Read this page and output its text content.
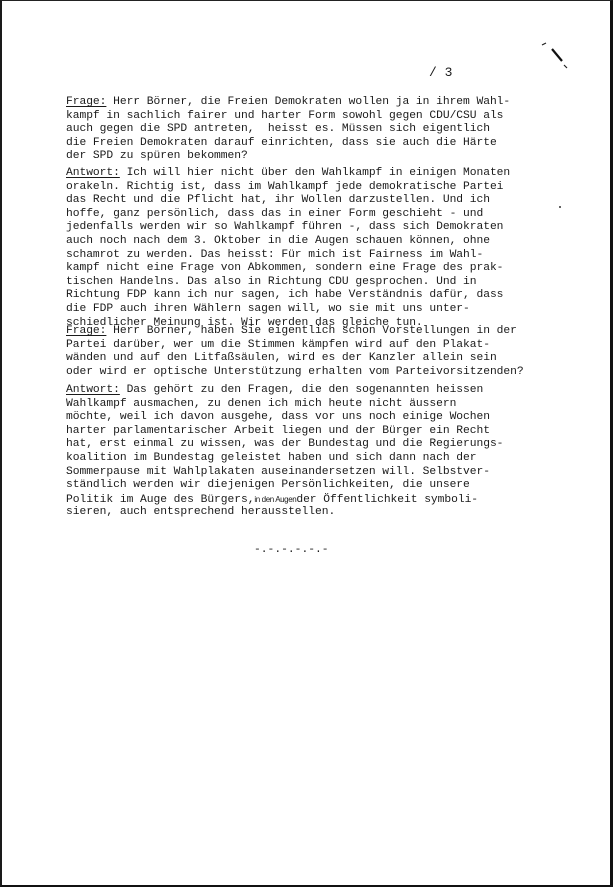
/ 3
Frage: Herr Börner, die Freien Demokraten wollen ja in ihrem Wahl-
kampf in sachlich fairer und harter Form sowohl gegen CDU/CSU als
auch gegen die SPD antreten,  heisst es. Müssen sich eigentlich
die Freien Demokraten darauf einrichten, dass sie auch die Härte
der SPD zu spüren bekommen?
Antwort: Ich will hier nicht über den Wahlkampf in einigen Monaten
orakeln. Richtig ist, dass im Wahlkampf jede demokratische Partei
das Recht und die Pflicht hat, ihr Wollen darzustellen. Und ich
hoffe, ganz persönlich, dass das in einer Form geschieht - und
jedenfalls werden wir so Wahlkampf führen -, dass sich Demokraten
auch noch nach dem 3. Oktober in die Augen schauen können, ohne
schamrot zu werden. Das heisst: Für mich ist Fairness im Wahl-
kampf nicht eine Frage von Abkommen, sondern eine Frage des prak-
tischen Handelns. Das also in Richtung CDU gesprochen. Und in
Richtung FDP kann ich nur sagen, ich habe Verständnis dafür, dass
die FDP auch ihren Wählern sagen will, wo sie mit uns unter-
schiedlicher Meinung ist. Wir werden das gleiche tun.
Frage: Herr Börner, haben Sie eigentlich schon Vorstellungen in der
Partei darüber, wer um die Stimmen kämpfen wird auf den Plakat-
wänden und auf den Litfaßsäulen, wird es der Kanzler allein sein
oder wird er optische Unterstützung erhalten vom Parteivorsitzenden?
Antwort: Das gehört zu den Fragen, die den sogenannten heissen
Wahlkampf ausmachen, zu denen ich mich heute nicht äussern
möchte, weil ich davon ausgehe, dass vor uns noch einige Wochen
harter parlamentarischer Arbeit liegen und der Bürger ein Recht
hat, erst einmal zu wissen, was der Bundestag und die Regierungs-
koalition im Bundestag geleistet haben und sich dann nach der
Sommerpause mit Wahlplakaten auseinandersetzen will. Selbstver-
ständlich werden wir diejenigen Persönlichkeiten, die unsere
Politik im Auge des Bürgers,in den Augender Öffentlichkeit symboli-
sieren, auch entsprechend herausstellen.
-.-.-.-.-.-
